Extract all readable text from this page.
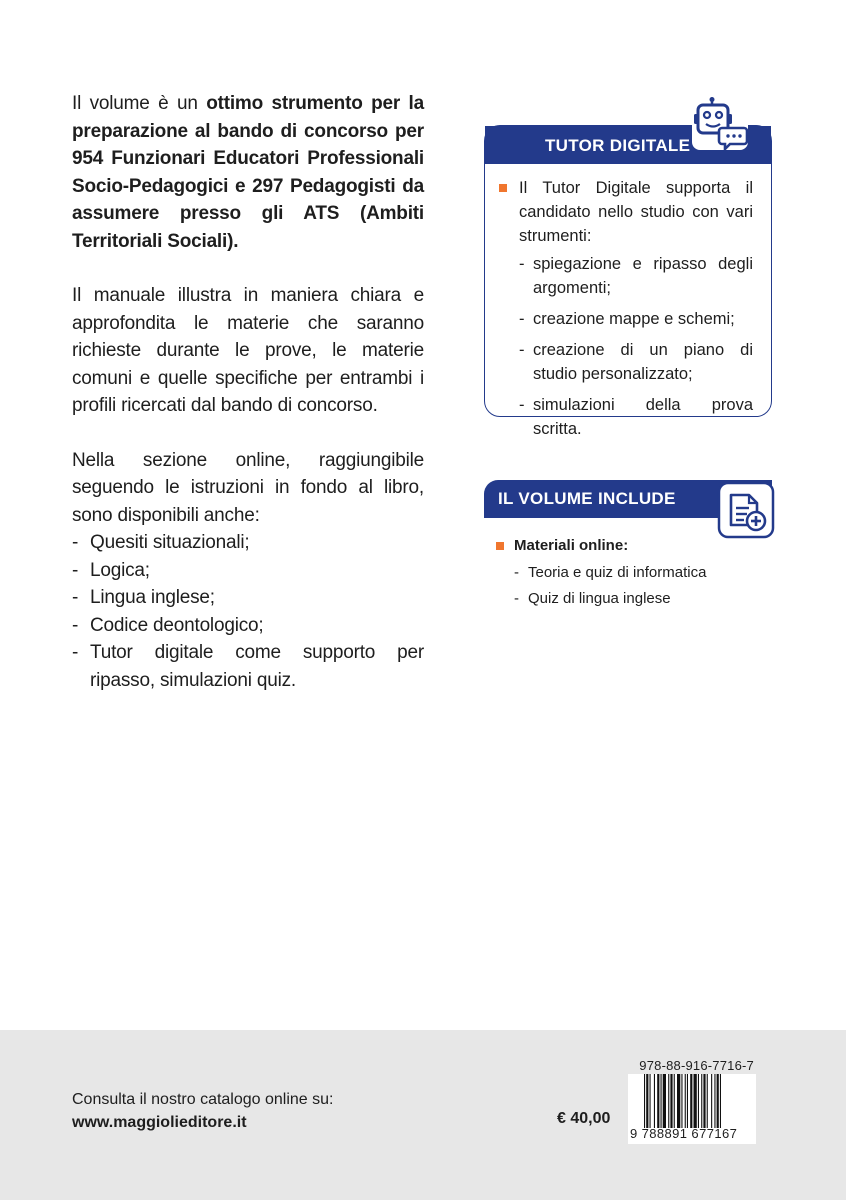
Il volume è un ottimo strumento per la preparazione al bando di concorso per 954 Funzionari Educatori Professionali Socio-Pedagogici e 297 Pedagogisti da assumere presso gli ATS (Ambiti Territoriali Sociali).

Il manuale illustra in maniera chiara e approfondita le materie che saranno richieste durante le prove, le materie comuni e quelle specifiche per entrambi i profili ricercati dal bando di concorso.

Nella sezione online, raggiungibile seguendo le istruzioni in fondo al libro, sono disponibili anche:
- Quesiti situazionali;
- Logica;
- Lingua inglese;
- Codice deontologico;
- Tutor digitale come supporto per ripasso, simulazioni quiz.
TUTOR DIGITALE
Il Tutor Digitale supporta il candidato nello studio con vari strumenti:
- spiegazione e ripasso degli argomenti;
- creazione mappe e schemi;
- creazione di un piano di studio personalizzato;
- simulazioni della prova scritta.
IL VOLUME INCLUDE
Materiali online:
- Teoria e quiz di informatica
- Quiz di lingua inglese
Consulta il nostro catalogo online su:
www.maggiolieditore.it	€ 40,00
978-88-916-7716-7
9 788891 677167
